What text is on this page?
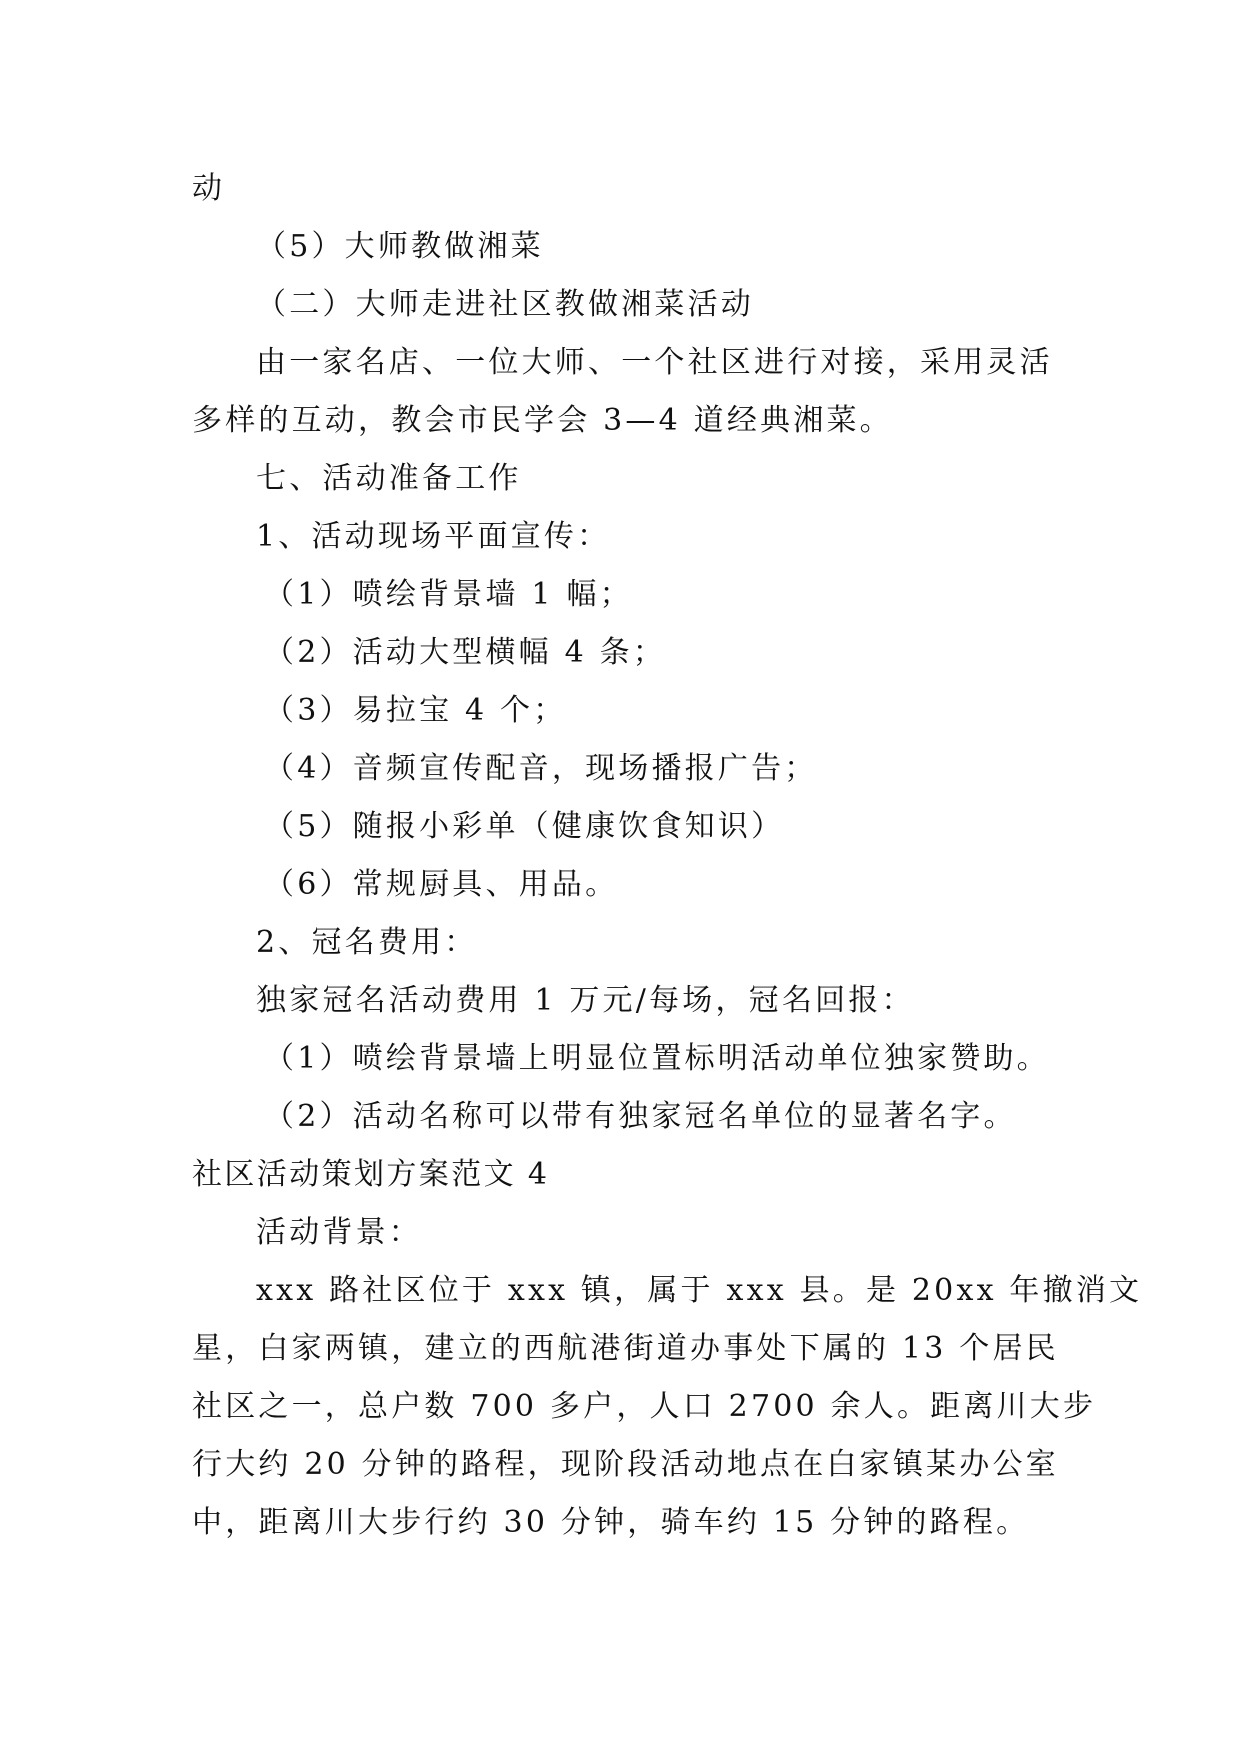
动
（5）大师教做湘菜
（二）大师走进社区教做湘菜活动
由一家名店、一位大师、一个社区进行对接，采用灵活
多样的互动，教会市民学会 3—4 道经典湘菜。
七、活动准备工作
1、活动现场平面宣传：
（1）喷绘背景墙 1 幅；
（2）活动大型横幅 4 条；
（3）易拉宝 4 个；
（4）音频宣传配音，现场播报广告；
（5）随报小彩单（健康饮食知识）
（6）常规厨具、用品。
2、冠名费用：
独家冠名活动费用 1 万元/每场，冠名回报：
（1）喷绘背景墙上明显位置标明活动单位独家赞助。
（2）活动名称可以带有独家冠名单位的显著名字。
社区活动策划方案范文 4
活动背景：
xxx 路社区位于 xxx 镇，属于 xxx 县。是 20xx 年撤消文
星，白家两镇，建立的西航港街道办事处下属的 13 个居民
社区之一，总户数 700 多户，人口 2700 余人。距离川大步
行大约 20 分钟的路程，现阶段活动地点在白家镇某办公室
中，距离川大步行约 30 分钟，骑车约 15 分钟的路程。
